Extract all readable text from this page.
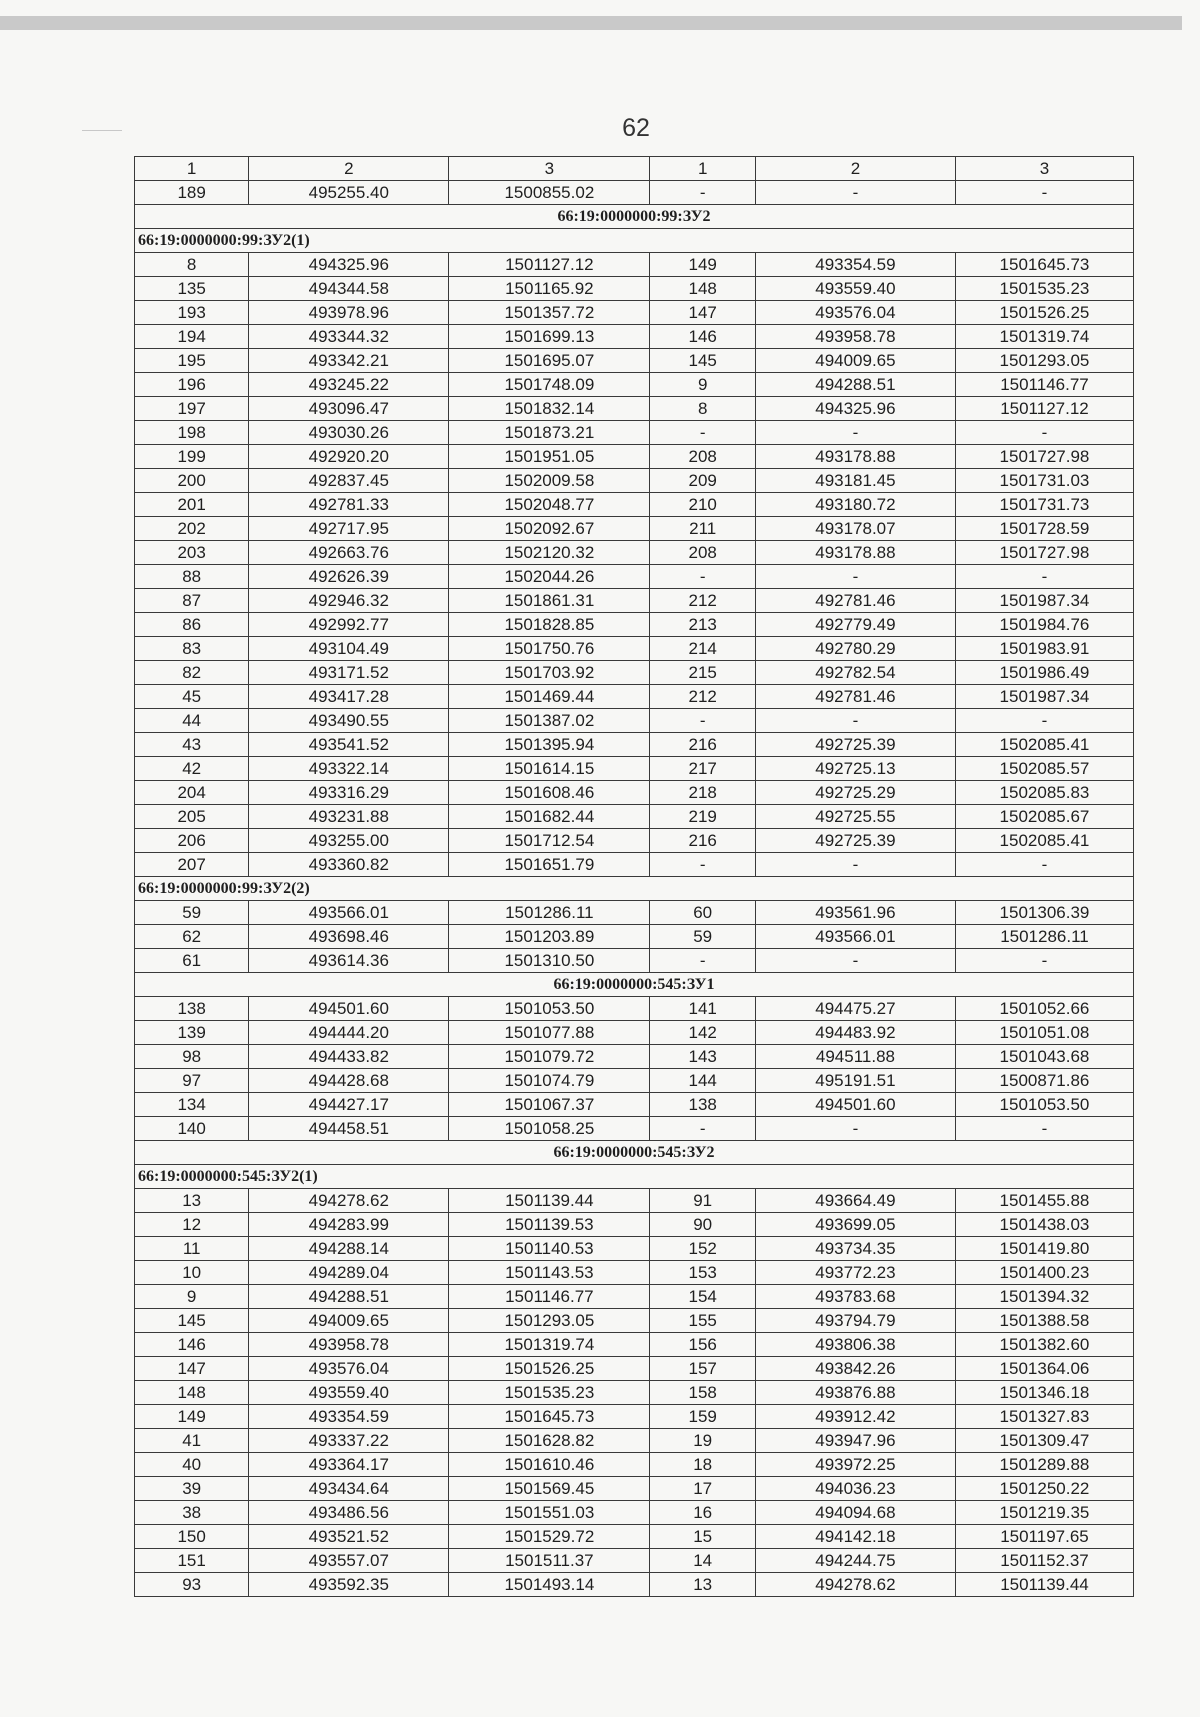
62
1	2	3	1	2	3
189	495255.40	1500855.02	-	-	-
66:19:0000000:99:ЗУ2					
66:19:0000000:99:ЗУ2(1)					
8	494325.96	1501127.12	149	493354.59	1501645.73
135	494344.58	1501165.92	148	493559.40	1501535.23
193	493978.96	1501357.72	147	493576.04	1501526.25
194	493344.32	1501699.13	146	493958.78	1501319.74
195	493342.21	1501695.07	145	494009.65	1501293.05
196	493245.22	1501748.09	9	494288.51	1501146.77
197	493096.47	1501832.14	8	494325.96	1501127.12
198	493030.26	1501873.21	-	-	-
199	492920.20	1501951.05	208	493178.88	1501727.98
200	492837.45	1502009.58	209	493181.45	1501731.03
201	492781.33	1502048.77	210	493180.72	1501731.73
202	492717.95	1502092.67	211	493178.07	1501728.59
203	492663.76	1502120.32	208	493178.88	1501727.98
88	492626.39	1502044.26	-	-	-
87	492946.32	1501861.31	212	492781.46	1501987.34
86	492992.77	1501828.85	213	492779.49	1501984.76
83	493104.49	1501750.76	214	492780.29	1501983.91
82	493171.52	1501703.92	215	492782.54	1501986.49
45	493417.28	1501469.44	212	492781.46	1501987.34
44	493490.55	1501387.02	-	-	-
43	493541.52	1501395.94	216	492725.39	1502085.41
42	493322.14	1501614.15	217	492725.13	1502085.57
204	493316.29	1501608.46	218	492725.29	1502085.83
205	493231.88	1501682.44	219	492725.55	1502085.67
206	493255.00	1501712.54	216	492725.39	1502085.41
207	493360.82	1501651.79	-	-	-
66:19:0000000:99:ЗУ2(2)					
59	493566.01	1501286.11	60	493561.96	1501306.39
62	493698.46	1501203.89	59	493566.01	1501286.11
61	493614.36	1501310.50	-	-	-
66:19:0000000:545:ЗУ1					
138	494501.60	1501053.50	141	494475.27	1501052.66
139	494444.20	1501077.88	142	494483.92	1501051.08
98	494433.82	1501079.72	143	494511.88	1501043.68
97	494428.68	1501074.79	144	495191.51	1500871.86
134	494427.17	1501067.37	138	494501.60	1501053.50
140	494458.51	1501058.25	-	-	-
66:19:0000000:545:ЗУ2					
66:19:0000000:545:ЗУ2(1)					
13	494278.62	1501139.44	91	493664.49	1501455.88
12	494283.99	1501139.53	90	493699.05	1501438.03
11	494288.14	1501140.53	152	493734.35	1501419.80
10	494289.04	1501143.53	153	493772.23	1501400.23
9	494288.51	1501146.77	154	493783.68	1501394.32
145	494009.65	1501293.05	155	493794.79	1501388.58
146	493958.78	1501319.74	156	493806.38	1501382.60
147	493576.04	1501526.25	157	493842.26	1501364.06
148	493559.40	1501535.23	158	493876.88	1501346.18
149	493354.59	1501645.73	159	493912.42	1501327.83
41	493337.22	1501628.82	19	493947.96	1501309.47
40	493364.17	1501610.46	18	493972.25	1501289.88
39	493434.64	1501569.45	17	494036.23	1501250.22
38	493486.56	1501551.03	16	494094.68	1501219.35
150	493521.52	1501529.72	15	494142.18	1501197.65
151	493557.07	1501511.37	14	494244.75	1501152.37
93	493592.35	1501493.14	13	494278.62	1501139.44
